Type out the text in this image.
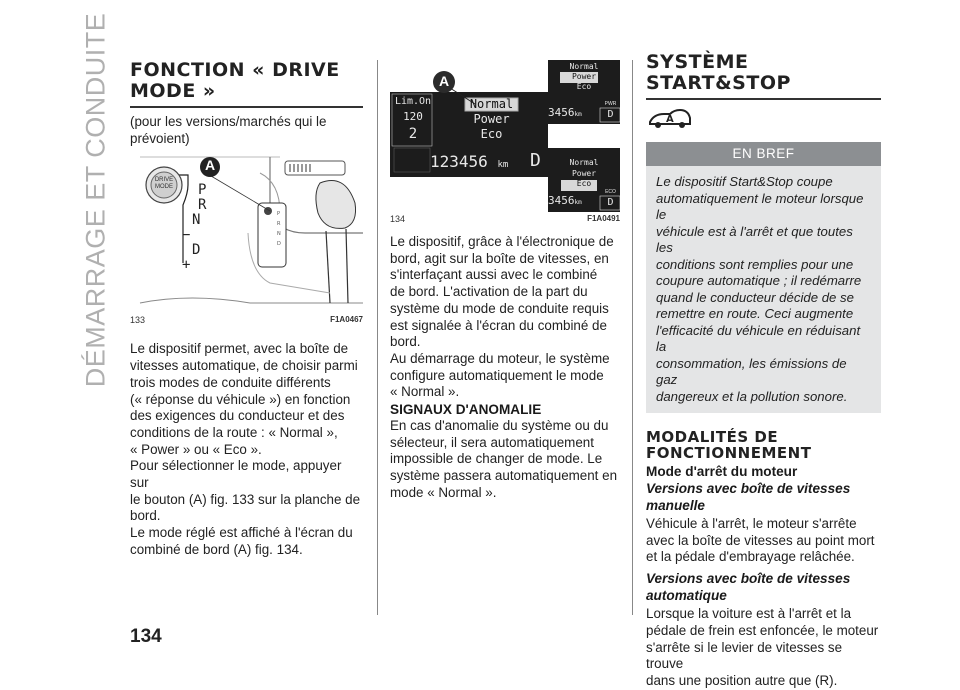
DÉMARRAGE ET CONDUITE FONCTION « DRIVE
MODE »

(pour les versions/marchés qui le prévoient)

P
R
N
D
A
DRIVE
MODE	P
R
N
−
D
+
133	F1A0467

Le dispositif permet, avec la boîte de
vitesses automatique, de choisir parmi
trois modes de conduite différents
(« réponse du véhicule ») en fonction
des exigences du conducteur et des
conditions de la route : « Normal »,
« Power » ou « Eco ».

Pour sélectionner le mode, appuyer sur
le bouton (A) fig. 133 sur la planche de
bord.

Le mode réglé est affiché à l'écran du
combiné de bord (A) fig. 134.

A
Lim.On
120
2
Normal
Power
Eco
123456 km D
Normal
Power
Eco
3456km
PWR
D
Normal
Power
Eco
3456km
ECO
D
134	F1A0491

Le dispositif, grâce à l'électronique de
bord, agit sur la boîte de vitesses, en
s'interfaçant aussi avec le combiné
de bord. L'activation de la part du
système du mode de conduite requis
est signalée à l'écran du combiné de
bord.

Au démarrage du moteur, le système
configure automatiquement le mode
« Normal ».

SIGNAUX D'ANOMALIE

En cas d'anomalie du système ou du
sélecteur, il sera automatiquement
impossible de changer de mode. Le
système passera automatiquement en
mode « Normal ».

SYSTÈME
START&STOP
A
EN BREF
Le dispositif Start&Stop coupe
automatiquement le moteur lorsque le
véhicule est à l'arrêt et que toutes les
conditions sont remplies pour une
coupure automatique ; il redémarre
quand le conducteur décide de se
remettre en route. Ceci augmente
l'efficacité du véhicule en réduisant la
consommation, les émissions de gaz
dangereux et la pollution sonore.
MODALITÉS DE
FONCTIONNEMENT

Mode d'arrêt du moteur

Versions avec boîte de vitesses
manuelle

Véhicule à l'arrêt, le moteur s'arrête
avec la boîte de vitesses au point mort
et la pédale d'embrayage relâchée.

Versions avec boîte de vitesses
automatique

Lorsque la voiture est à l'arrêt et la
pédale de frein est enfoncée, le moteur
s'arrête si le levier de vitesses se trouve
dans une position autre que (R).

134
